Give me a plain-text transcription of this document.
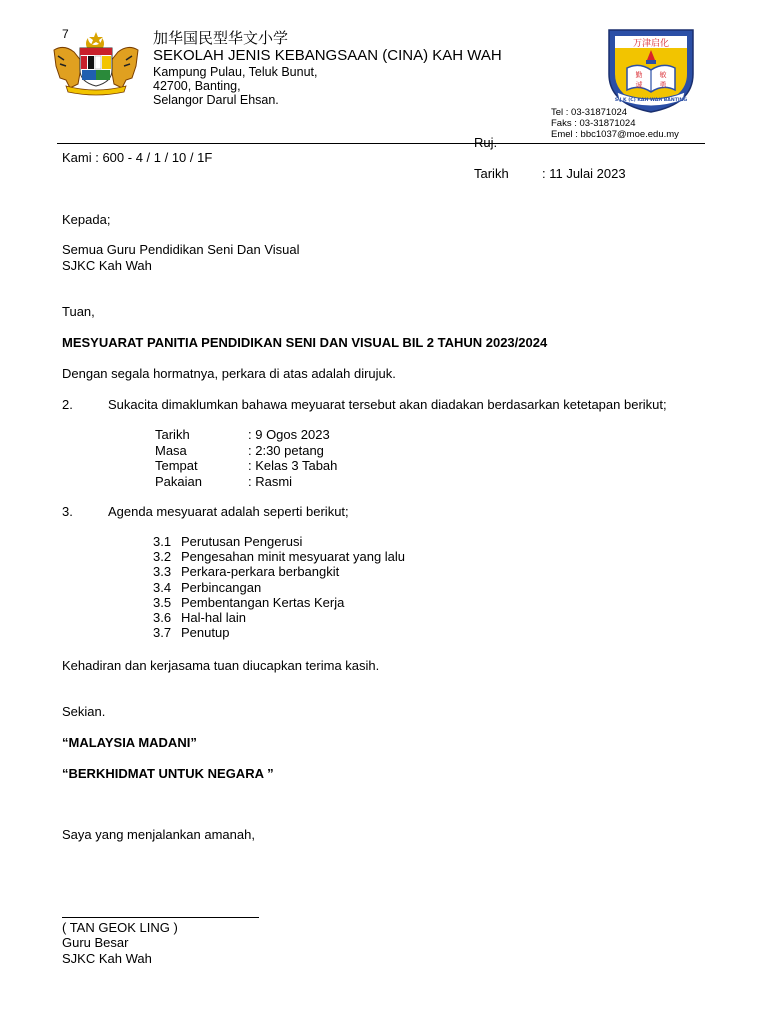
7	加华国民型华文小学
SEKOLAH JENIS KEBANGSAAN (CINA) KAH WAH
Kampung Pulau, Teluk Bunut,
42700, Banting,
Selangor Darul Ehsan.
万津启化
勤 敏
诚 勇
S J K (C) KAH WAH BANTING
Tel : 03-31871024
Faks : 03-31871024
Emel : bbc1037@moe.edu.my
Ruj.
Kami : 600 - 4 / 1 / 10 / 1F
Tarikh	: 11 Julai 2023
Kepada;
Semua Guru Pendidikan Seni Dan Visual
SJKC Kah Wah
Tuan,
MESYUARAT PANITIA PENDIDIKAN SENI DAN VISUAL BIL 2 TAHUN 2023/2024
Dengan segala hormatnya, perkara di atas adalah dirujuk.
2.	Sukacita dimaklumkan bahawa meyuarat tersebut akan diadakan berdasarkan ketetapan berikut;
Tarikh	: 9 Ogos 2023
Masa	: 2:30 petang
Tempat	: Kelas 3 Tabah
Pakaian	: Rasmi
3.	Agenda mesyuarat adalah seperti berikut;
3.1 Perutusan Pengerusi
3.2 Pengesahan minit mesyuarat yang lalu
3.3 Perkara-perkara berbangkit
3.4 Perbincangan
3.5 Pembentangan Kertas Kerja
3.6 Hal-hal lain
3.7 Penutup
Kehadiran dan kerjasama tuan diucapkan terima kasih.
Sekian.
“MALAYSIA MADANI”
“BERKHIDMAT UNTUK NEGARA ”
Saya yang menjalankan amanah,
( TAN GEOK LING )
Guru Besar
SJKC Kah Wah
